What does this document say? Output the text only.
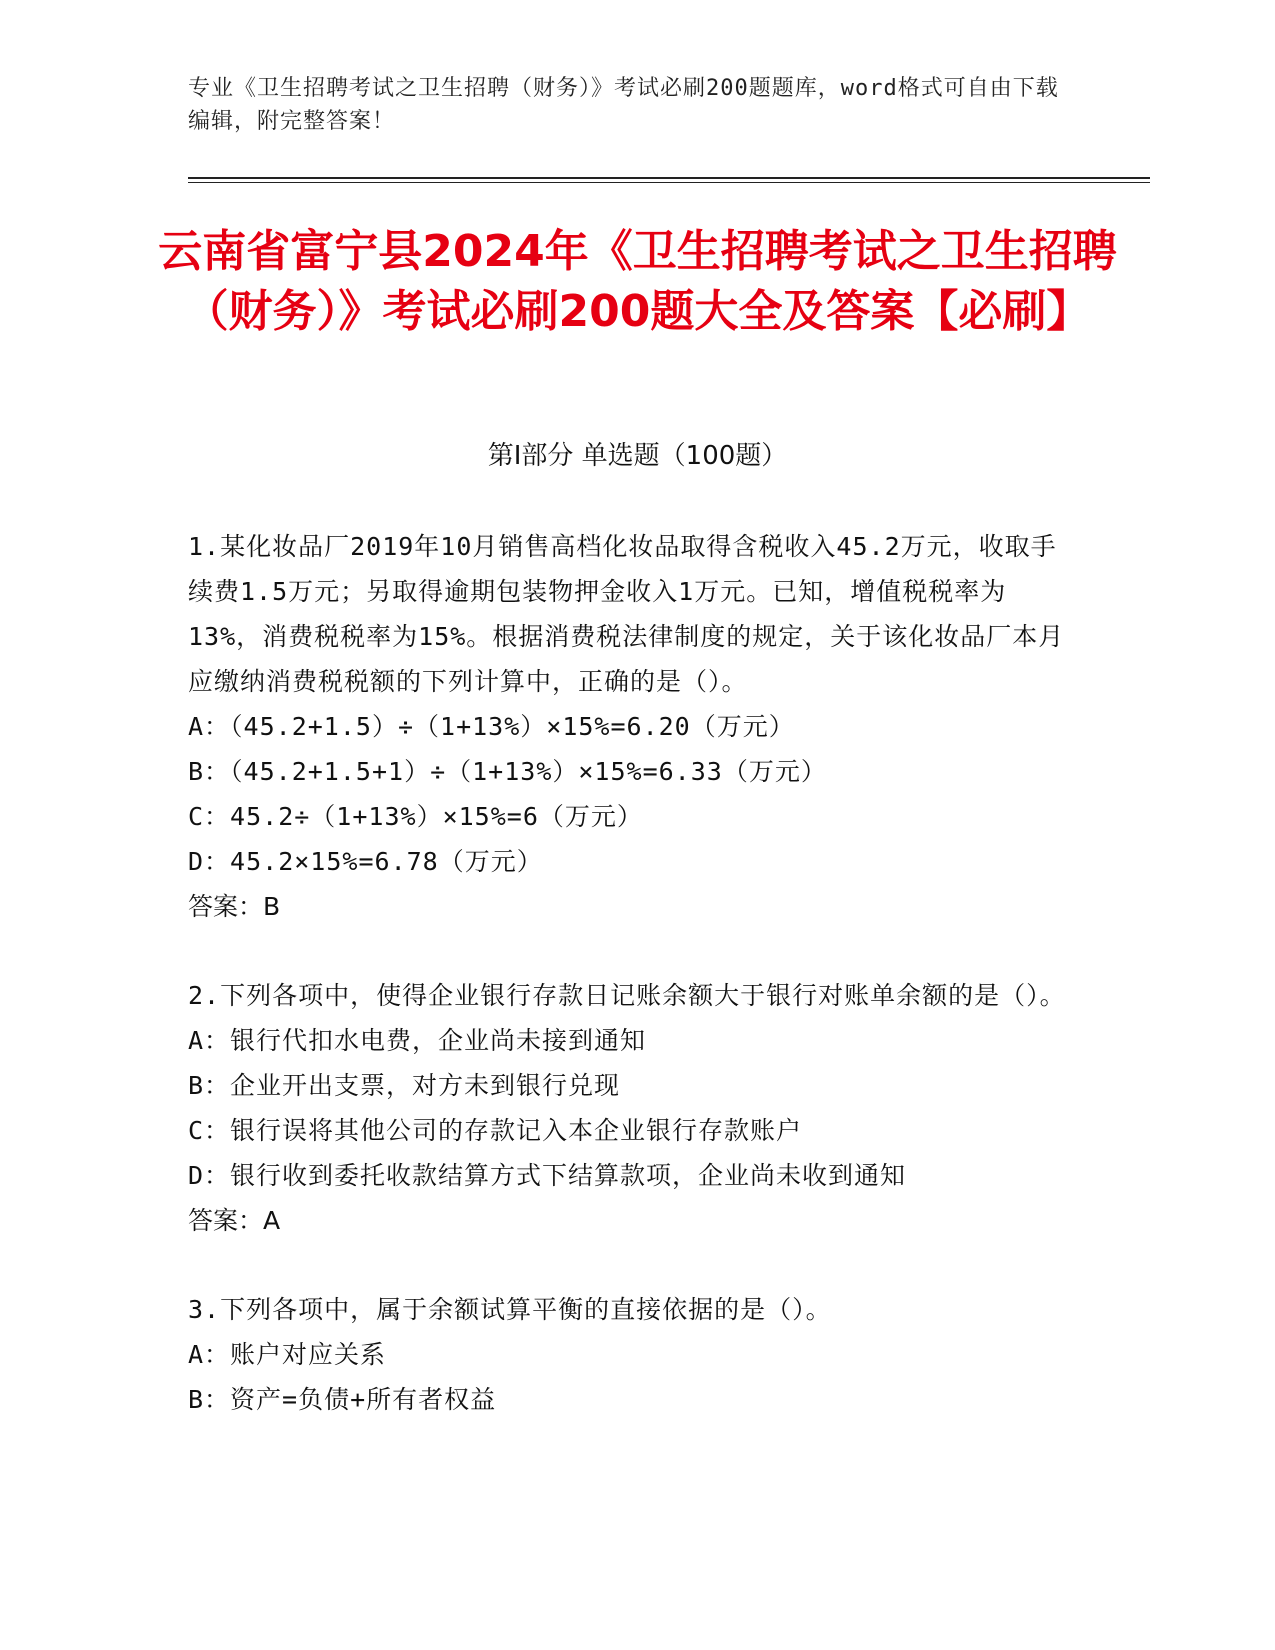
专业《卫生招聘考试之卫生招聘（财务）》考试必刷200题题库，word格式可自由下载编辑，附完整答案！
云南省富宁县2024年《卫生招聘考试之卫生招聘（财务）》考试必刷200题大全及答案【必刷】
第Ⅰ部分 单选题（100题）
1.某化妆品厂2019年10月销售高档化妆品取得含税收入45.2万元，收取手续费1.5万元；另取得逾期包装物押金收入1万元。已知，增值税税率为13%，消费税税率为15%。根据消费税法律制度的规定，关于该化妆品厂本月应缴纳消费税税额的下列计算中，正确的是（）。
A：（45.2+1.5）÷（1+13%）×15%=6.20（万元）
B：（45.2+1.5+1）÷（1+13%）×15%=6.33（万元）
C：45.2÷（1+13%）×15%=6（万元）
D：45.2×15%=6.78（万元）
答案：B
2.下列各项中，使得企业银行存款日记账余额大于银行对账单余额的是（）。
A：银行代扣水电费，企业尚未接到通知
B：企业开出支票，对方未到银行兑现
C：银行误将其他公司的存款记入本企业银行存款账户
D：银行收到委托收款结算方式下结算款项，企业尚未收到通知
答案：A
3.下列各项中，属于余额试算平衡的直接依据的是（）。
A：账户对应关系
B：资产=负债+所有者权益
